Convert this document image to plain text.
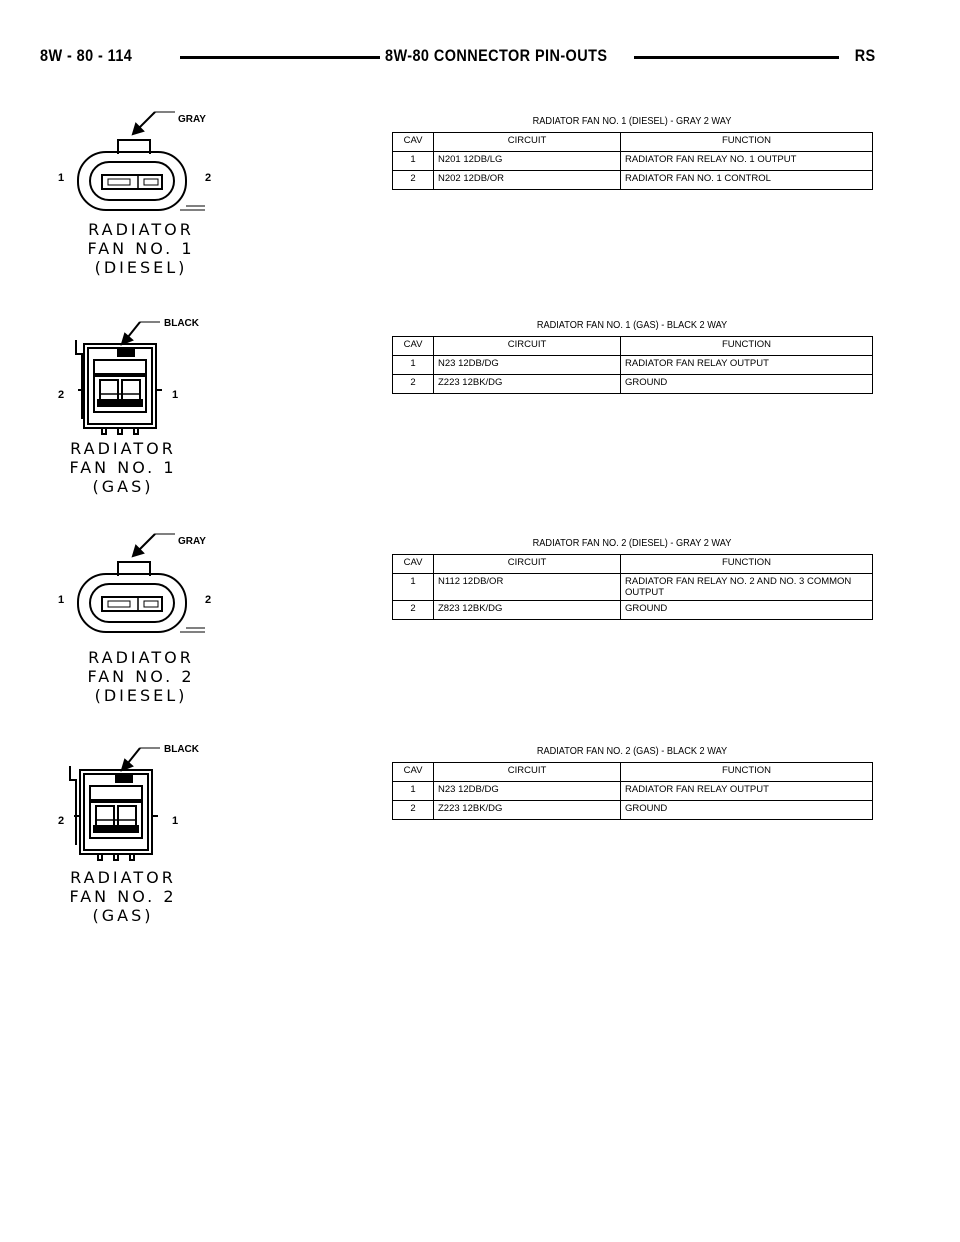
8W - 80 - 114	8W-80 CONNECTOR PIN-OUTS	RS
GRAY
1	2
RADIATOR
FAN NO. 1
(DIESEL)
RADIATOR FAN NO. 1 (DIESEL) - GRAY 2 WAY
CAV	CIRCUIT	FUNCTION
1	N201 12DB/LG	RADIATOR FAN RELAY NO. 1 OUTPUT
2	N202 12DB/OR	RADIATOR FAN NO. 1 CONTROL
BLACK
2	1
RADIATOR
FAN NO. 1
(GAS)
RADIATOR FAN NO. 1 (GAS) - BLACK 2 WAY
CAV	CIRCUIT	FUNCTION
1	N23 12DB/DG	RADIATOR FAN RELAY OUTPUT
2	Z223 12BK/DG	GROUND
GRAY
1	2
RADIATOR
FAN NO. 2
(DIESEL)
RADIATOR FAN NO. 2 (DIESEL) - GRAY 2 WAY
CAV	CIRCUIT	FUNCTION
1	N112 12DB/OR	RADIATOR FAN RELAY NO. 2 AND NO. 3 COMMON OUTPUT
2	Z823 12BK/DG	GROUND
BLACK
2	1
RADIATOR
FAN NO. 2
(GAS)
RADIATOR FAN NO. 2 (GAS) - BLACK 2 WAY
CAV	CIRCUIT	FUNCTION
1	N23 12DB/DG	RADIATOR FAN RELAY OUTPUT
2	Z223 12BK/DG	GROUND
